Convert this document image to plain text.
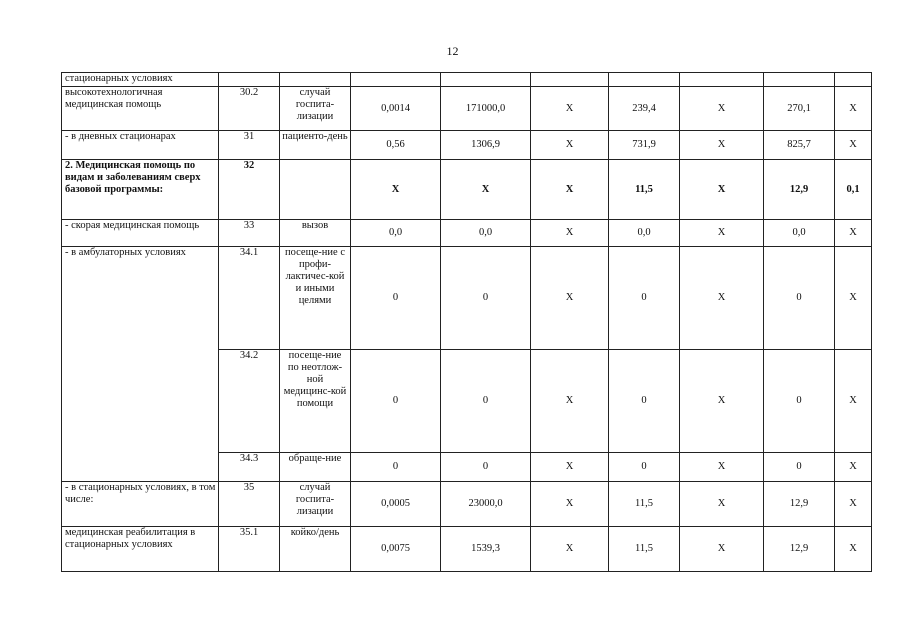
12
стационарных условиях									
высокотехнологичная медицинская помощь	30.2	случай госпита-лизации	0,0014	171000,0	Х	239,4	Х	270,1	Х
- в дневных стационарах	31	пациенто-день	0,56	1306,9	Х	731,9	Х	825,7	Х
2. Медицинская помощь по видам и заболеваниям сверх базовой программы:	32		Х	Х	Х	11,5	Х	12,9	0,1
- скорая медицинская помощь	33	вызов	0,0	0,0	Х	0,0	Х	0,0	Х
- в амбулаторных условиях	34.1	посеще-ние с профи-лактичес-кой и иными целями	0	0	Х	0	Х	0	Х
	34.2	посеще-ние по неотлож-ной медицинс-кой помощи	0	0	Х	0	Х	0	Х
	34.3	обраще-ние	0	0	Х	0	Х	0	Х
- в стационарных условиях, в том числе:	35	случай госпита-лизации	0,0005	23000,0	Х	11,5	Х	12,9	Х
медицинская реабилитация в стационарных условиях	35.1	койко/день	0,0075	1539,3	Х	11,5	Х	12,9	Х
